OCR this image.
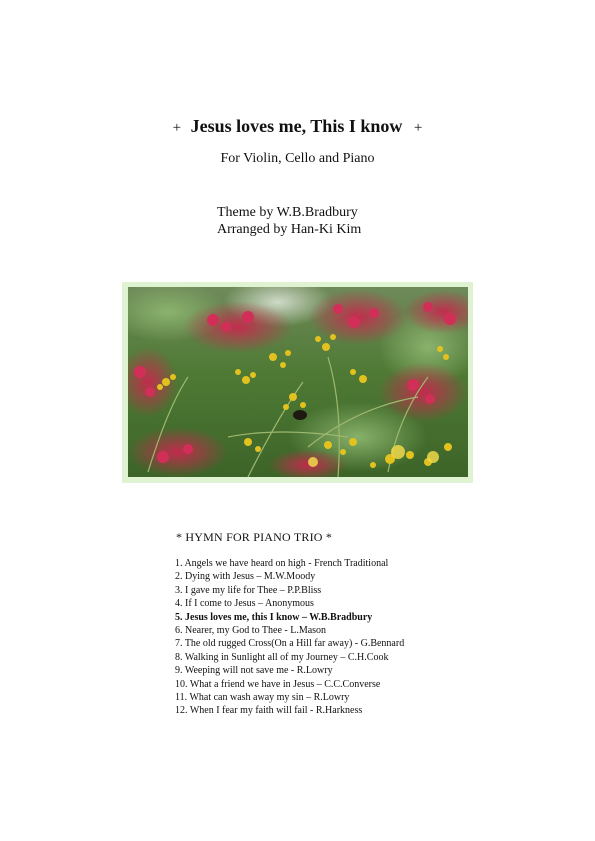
+ Jesus loves me, This I know +
For Violin, Cello and Piano
Theme by W.B.Bradbury
Arranged by Han-Ki Kim
* HYMN FOR PIANO TRIO *
1. Angels we have heard on high - French Traditional
2. Dying with Jesus – M.W.Moody
3. I gave my life for Thee – P.P.Bliss
4. If I come to Jesus – Anonymous
5. Jesus loves me, this I know – W.B.Bradbury
6. Nearer, my God to Thee - L.Mason
7. The old rugged Cross(On a Hill far away) - G.Bennard
8. Walking in Sunlight all of my Journey – C.H.Cook
9. Weeping will not save me - R.Lowry
10. What a friend we have in Jesus – C.C.Converse
11. What can wash away my sin – R.Lowry
12. When I fear my faith will fail - R.Harkness
